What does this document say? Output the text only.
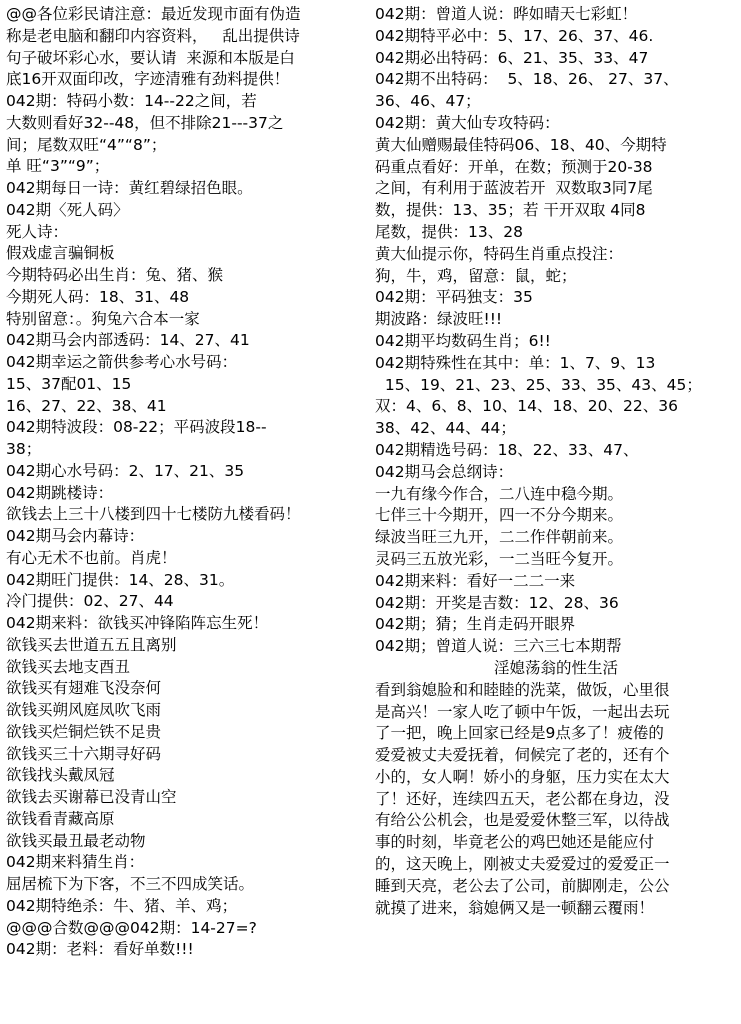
@@各位彩民请注意：最近发现市面有伪造
称是老电脑和翻印内容资料，   乱出提供诗
句子破坏彩心水，要认请  来源和本版是白
底16开双面印改，字迹清雅有劲料提供！
042期：特码小数：14--22之间，若
大数则看好32--48，但不排除21---37之
间；尾数双旺“4”“8”；
单 旺“3”“9”；
042期每日一诗：黄红碧绿招色眼。
042期〈死人码〉
死人诗：
假戏虚言骗铜板
今期特码必出生肖：兔、猪、猴
今期死人码：18、31、48
特别留意：。狗兔六合本一家
042期马会内部透码：14、27、41
042期幸运之箭供参考心水号码：
15、37配01、15
16、27、22、38、41
042期特波段：08-22；平码波段18--
38；
042期心水号码：2、17、21、35
042期跳楼诗：
欲钱去上三十八楼到四十七楼防九楼看码！
042期马会内幕诗：
有心无术不也前。肖虎！
042期旺门提供：14、28、31。
冷门提供：02、27、44
042期来料：欲钱买冲锋陷阵忘生死！
欲钱买去世道五五且离别
欲钱买去地支酉丑
欲钱买有翅难飞没奈何
欲钱买朔风庭凤吹飞雨
欲钱买烂铜烂铁不足贵
欲钱买三十六期寻好码
欲钱找头戴凤冠
欲钱去买谢幕已没青山空
欲钱看青藏高原
欲钱买最丑最老动物
042期来料猜生肖：
屈居梳下为下客，不三不四成笑话。
042期特绝杀：牛、猪、羊、鸡；
@@@合数@@@042期：14-27=?
042期：老料：看好单数!!!
042期：曾道人说：晔如晴天七彩虹！
042期特平必中：5、17、26、37、46.
042期必出特码：6、21、35、33、47
042期不出特码：  5、18、26、 27、37、
36、46、47；
042期：黄大仙专攻特码：
黄大仙赠赐最佳特码06、18、40、今期特
码重点看好：开单，在数；预测于20-38
之间，有利用于蓝波若开  双数取3同7尾
数，提供：13、35；若 干开双取 4同8
尾数，提供：13、28
黄大仙提示你，特码生肖重点投注：
狗，牛，鸡，留意：鼠，蛇；
042期：平码独支：35
期波路：绿波旺!!!
042期平均数码生肖；6!!
042期特殊性在其中：单：1、7、9、13
15、19、21、23、25、33、35、43、45；
双：4、6、8、10、14、18、20、22、36
38、42、44、44；
042期精选号码：18、22、33、47、
042期马会总纲诗：
一九有缘今作合，二八连中稳今期。
七伴三十今期开，四一不分今期来。
绿波当旺三九开，二二作伴朝前来。
灵码三五放光彩，一二当旺今复开。
042期来料：看好一二二一来
042期：开奖是吉数：12、28、36
042期；猜；生肖走码开眼界
042期；曾道人说：三六三七本期帮
淫媳荡翁的性生活
看到翁媳脸和和睦睦的洗菜，做饭，心里很
是高兴！一家人吃了顿中午饭，一起出去玩
了一把，晚上回家已经是9点多了！疲倦的
爱爱被丈夫爱抚着，伺候完了老的，还有个
小的，女人啊！娇小的身躯，压力实在太大
了！还好，连续四五天，老公都在身边，没
有给公公机会，也是爱爱休整三军，以待战
事的时刻，毕竟老公的鸡巴她还是能应付
的，这天晚上，刚被丈夫爱爱过的爱爱正一
睡到天亮，老公去了公司，前脚刚走，公公
就摸了进来，翁媳俩又是一顿翻云覆雨！
